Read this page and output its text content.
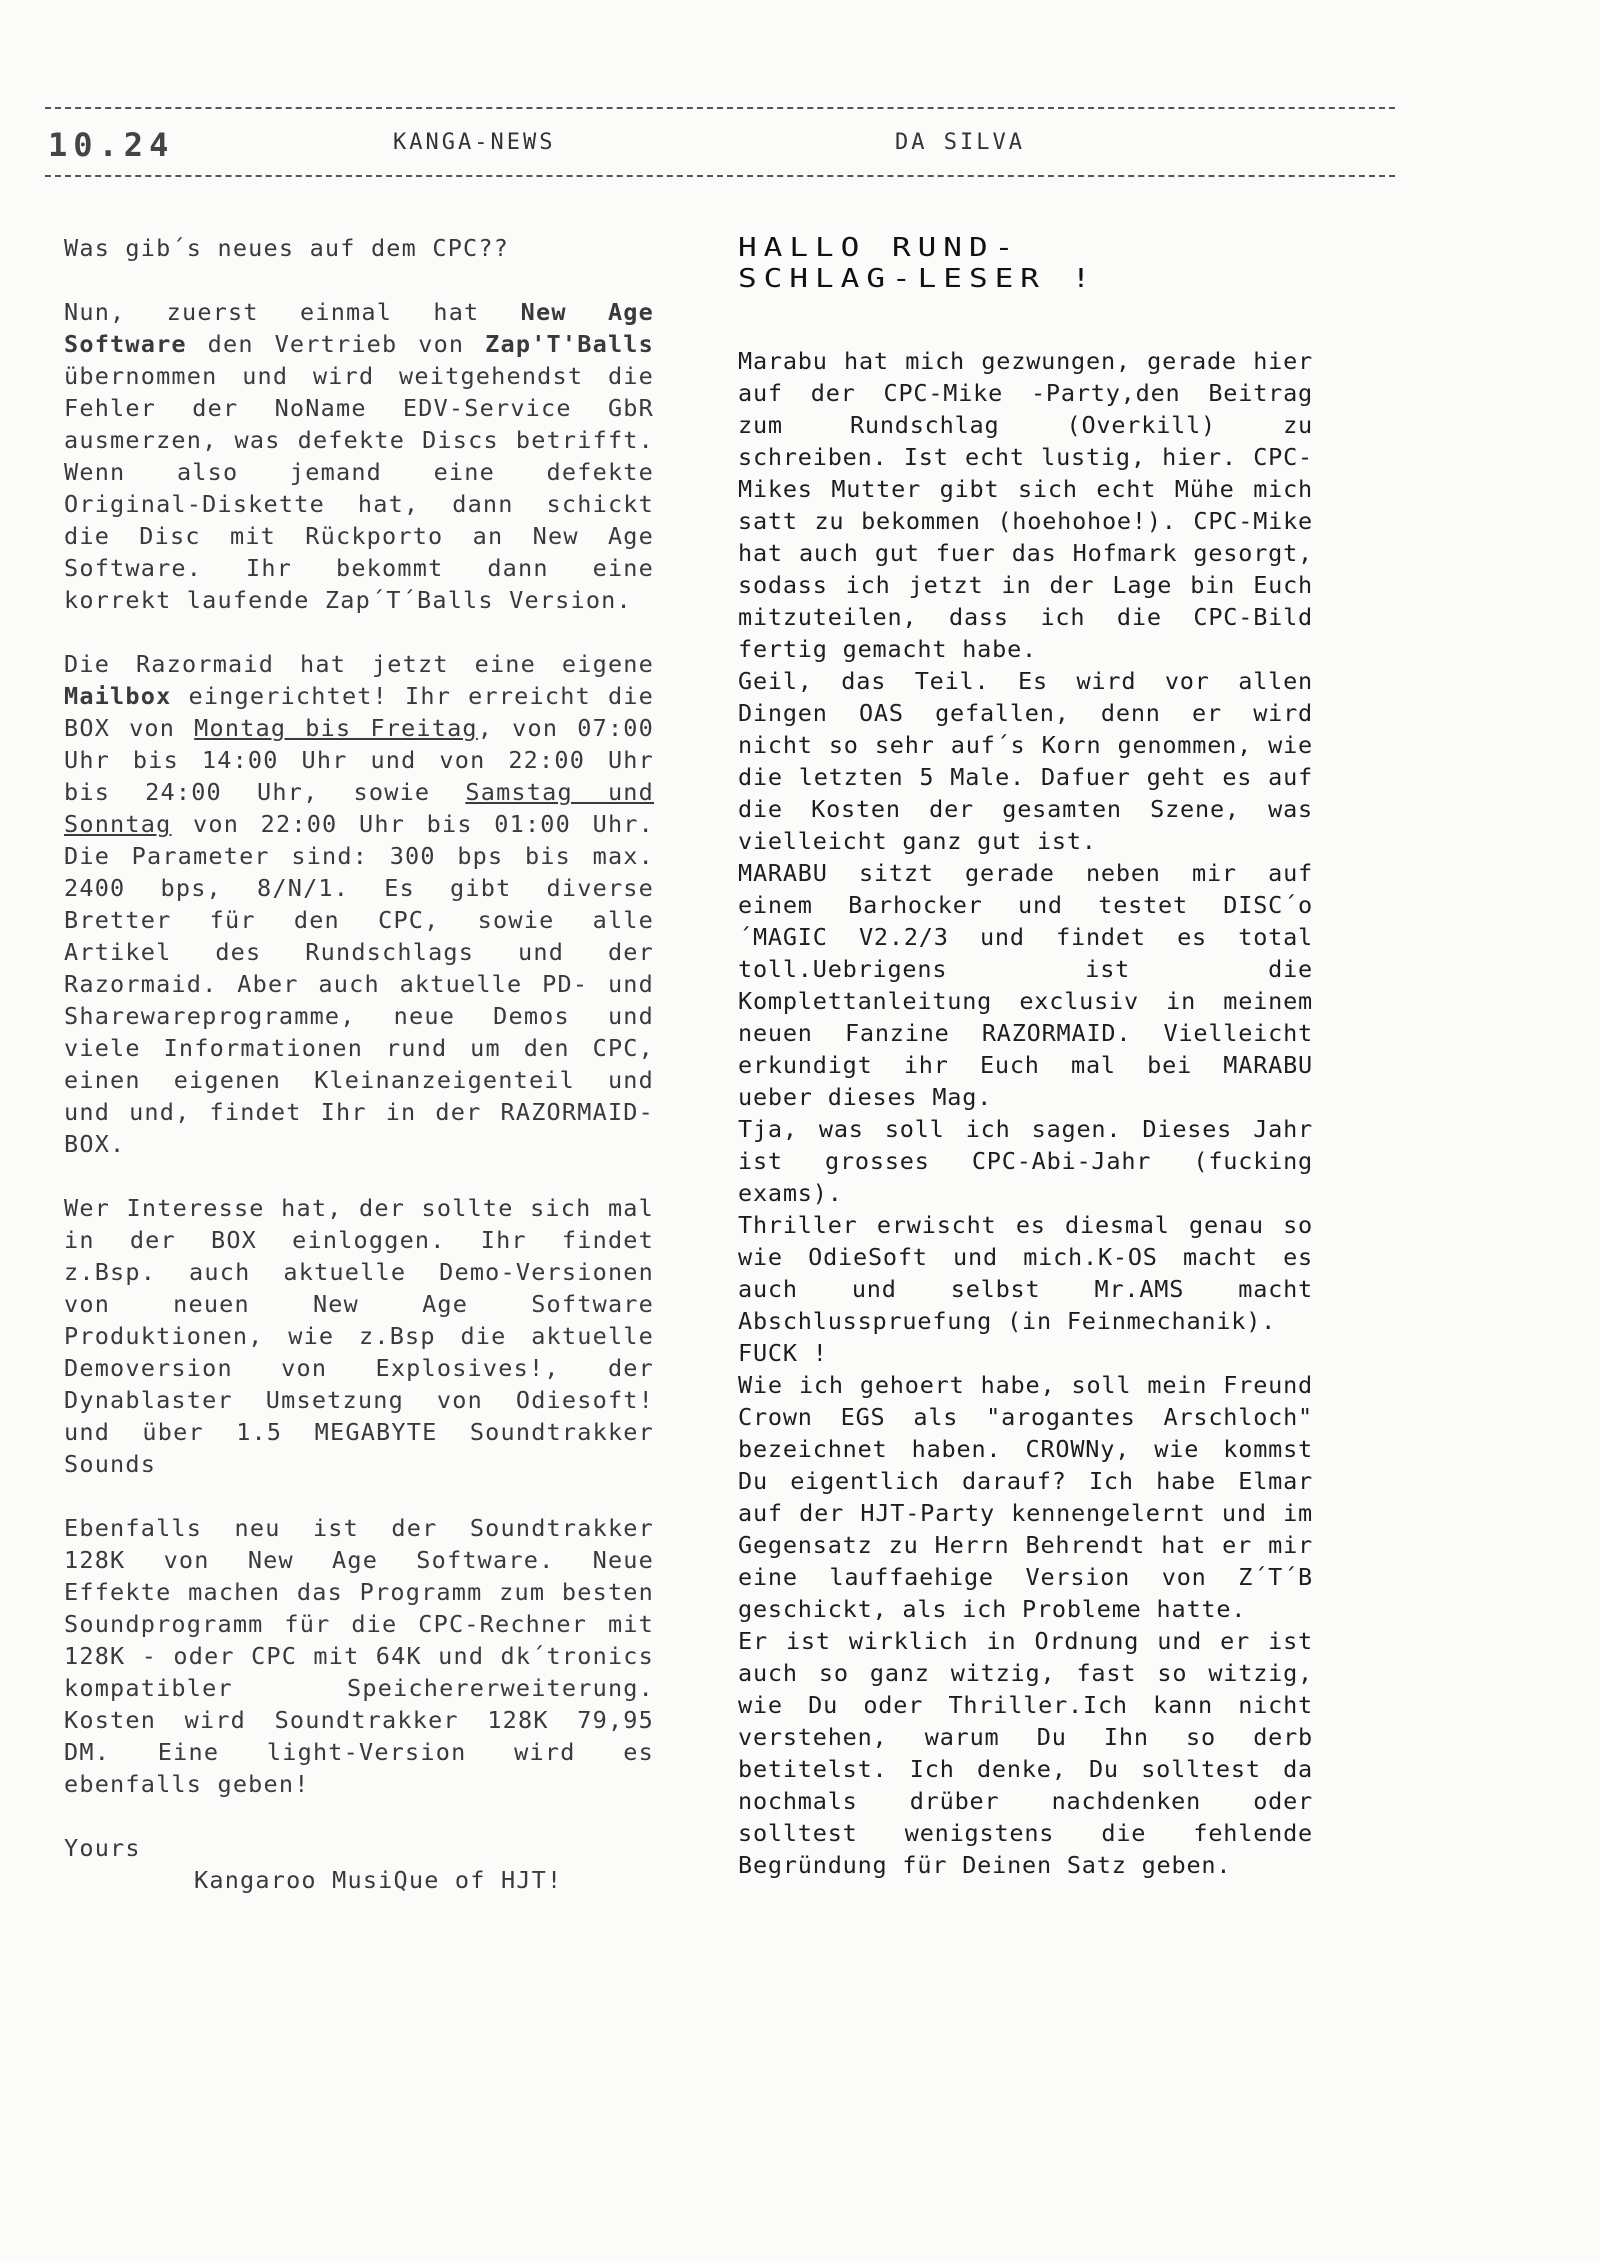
10.24	KANGA-NEWS	DA SILVA

Was gib´s neues auf dem CPC??

Nun, zuerst einmal hat New Age Software den Vertrieb von Zap'T'Balls übernommen und wird weitgehendst die Fehler der NoName EDV-Service GbR ausmerzen, was defekte Discs betrifft. Wenn also jemand eine defekte Original-Diskette hat, dann schickt die Disc mit Rückporto an New Age Software. Ihr bekommt dann eine korrekt laufende Zap´T´Balls Version.

Die Razormaid hat jetzt eine eigene Mailbox eingerichtet! Ihr erreicht die BOX von Montag bis Freitag, von 07:00 Uhr bis 14:00 Uhr und von 22:00 Uhr bis 24:00 Uhr, sowie Samstag und Sonntag von 22:00 Uhr bis 01:00 Uhr. Die Parameter sind: 300 bps bis max. 2400 bps, 8/N/1. Es gibt diverse Bretter für den CPC, sowie alle Artikel des Rundschlags und der Razormaid. Aber auch aktuelle PD- und Sharewareprogramme, neue Demos und viele Informationen rund um den CPC, einen eigenen Kleinanzeigenteil und und und, findet Ihr in der RAZORMAID-BOX.

Wer Interesse hat, der sollte sich mal in der BOX einloggen. Ihr findet z.Bsp. auch aktuelle Demo-Versionen von neuen New Age Software Produktionen, wie z.Bsp die aktuelle Demoversion von Explosives!, der Dynablaster Umsetzung von Odiesoft! und über 1.5 MEGABYTE Soundtrakker Sounds

Ebenfalls neu ist der Soundtrakker 128K von New Age Software. Neue Effekte machen das Programm zum besten Soundprogramm für die CPC-Rechner mit 128K - oder CPC mit 64K und dk´tronics kompatibler Speichererweiterung. Kosten wird Soundtrakker 128K 79,95 DM. Eine light-Version wird es ebenfalls geben!

Yours

Kangaroo MusiQue of HJT!

HALLO RUND-
SCHLAG-LESER !

Marabu hat mich gezwungen, gerade hier auf der CPC-Mike -Party,den Beitrag zum Rundschlag (Overkill) zu schreiben. Ist echt lustig, hier. CPC-Mikes Mutter gibt sich echt Mühe mich satt zu bekommen (hoehohoe!). CPC-Mike hat auch gut fuer das Hofmark gesorgt, sodass ich jetzt in der Lage bin Euch mitzuteilen, dass ich die CPC-Bild fertig gemacht habe.

Geil, das Teil. Es wird vor allen Dingen OAS gefallen, denn er wird nicht so sehr auf´s Korn genommen, wie die letzten 5 Male. Dafuer geht es auf die Kosten der gesamten Szene, was vielleicht ganz gut ist.

MARABU sitzt gerade neben mir auf einem Barhocker und testet DISC´o´MAGIC V2.2/3 und findet es total toll.Uebrigens ist die Komplettanleitung exclusiv in meinem neuen Fanzine RAZORMAID. Vielleicht erkundigt ihr Euch mal bei MARABU ueber dieses Mag.

Tja, was soll ich sagen. Dieses Jahr ist grosses CPC-Abi-Jahr (fucking exams).

Thriller erwischt es diesmal genau so wie OdieSoft und mich.K-OS macht es auch und selbst Mr.AMS macht Abschlusspruefung (in Feinmechanik).

FUCK !

Wie ich gehoert habe, soll mein Freund Crown EGS als "arogantes Arschloch" bezeichnet haben. CROWNy, wie kommst Du eigentlich darauf? Ich habe Elmar auf der HJT-Party kennengelernt und im Gegensatz zu Herrn Behrendt hat er mir eine lauffaehige Version von Z´T´B geschickt, als ich Probleme hatte.

Er ist wirklich in Ordnung und er ist auch so ganz witzig, fast so witzig, wie Du oder Thriller.Ich kann nicht verstehen, warum Du Ihn so derb betitelst. Ich denke, Du solltest da nochmals drüber nachdenken oder solltest wenigstens die fehlende Begründung für Deinen Satz geben.
